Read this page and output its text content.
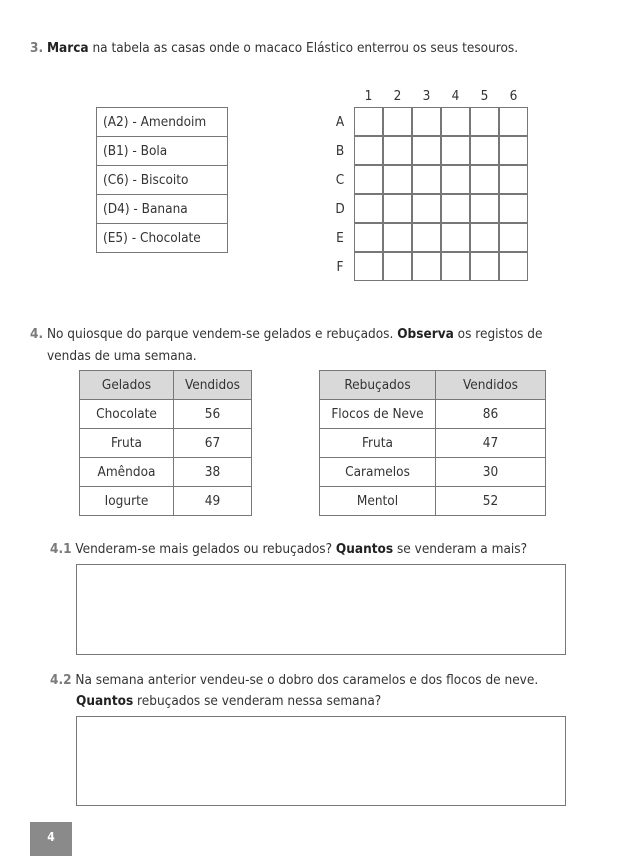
3. Marca na tabela as casas onde o macaco Elástico enterrou os seus tesouros.
(A2) - Amendoim
(B1) - Bola
(C6) - Biscoito
(D4) - Banana
(E5) - Chocolate
1	2	3	4	5	6
A
B
C
D
E
F
4. No quiosque do parque vendem-se gelados e rebuçados. Observa os registos de
vendas de uma semana.
Gelados	Vendidos
Chocolate	56
Fruta	67
Amêndoa	38
Iogurte	49
Rebuçados	Vendidos
Flocos de Neve	86
Fruta	47
Caramelos	30
Mentol	52
4.1 Venderam-se mais gelados ou rebuçados? Quantos se venderam a mais?
4.2 Na semana anterior vendeu-se o dobro dos caramelos e dos flocos de neve.
Quantos rebuçados se venderam nessa semana?
4
